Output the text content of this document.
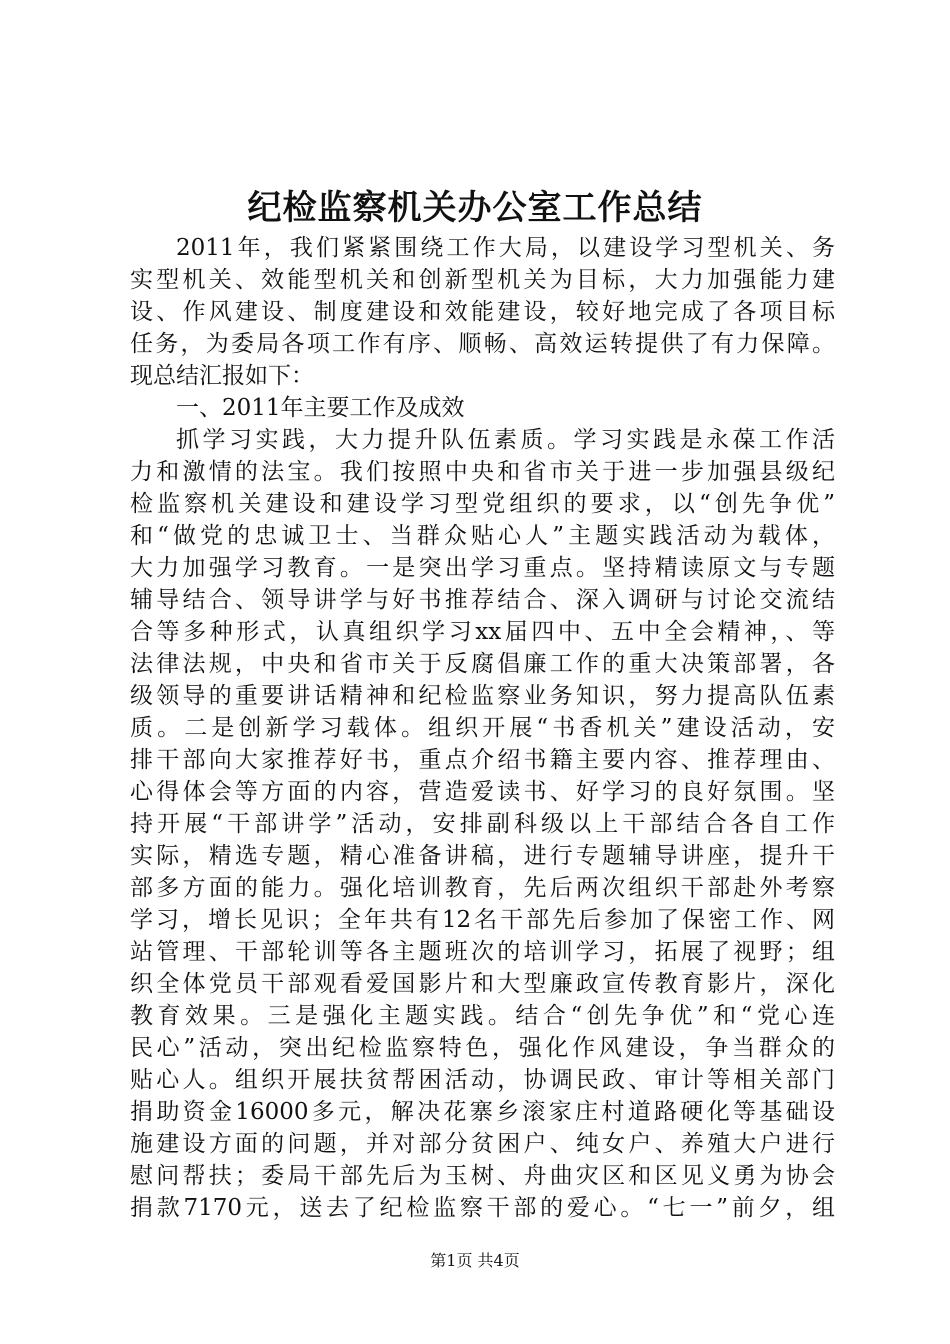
纪检监察机关办公室工作总结
2011年，我们紧紧围绕工作大局，以建设学习型机关、务
实型机关、效能型机关和创新型机关为目标，大力加强能力建
设、作风建设、制度建设和效能建设，较好地完成了各项目标
任务，为委局各项工作有序、顺畅、高效运转提供了有力保障。
现总结汇报如下：
一、2011年主要工作及成效
抓学习实践，大力提升队伍素质。学习实践是永葆工作活
力和激情的法宝。我们按照中央和省市关于进一步加强县级纪
检监察机关建设和建设学习型党组织的要求，以“创先争优”
和“做党的忠诚卫士、当群众贴心人”主题实践活动为载体，
大力加强学习教育。一是突出学习重点。坚持精读原文与专题
辅导结合、领导讲学与好书推荐结合、深入调研与讨论交流结
合等多种形式，认真组织学习xx届四中、五中全会精神，、等
法律法规，中央和省市关于反腐倡廉工作的重大决策部署，各
级领导的重要讲话精神和纪检监察业务知识，努力提高队伍素
质。二是创新学习载体。组织开展“书香机关”建设活动，安
排干部向大家推荐好书，重点介绍书籍主要内容、推荐理由、
心得体会等方面的内容，营造爱读书、好学习的良好氛围。坚
持开展“干部讲学”活动，安排副科级以上干部结合各自工作
实际，精选专题，精心准备讲稿，进行专题辅导讲座，提升干
部多方面的能力。强化培训教育，先后两次组织干部赴外考察
学习，增长见识；全年共有12名干部先后参加了保密工作、网
站管理、干部轮训等各主题班次的培训学习，拓展了视野；组
织全体党员干部观看爱国影片和大型廉政宣传教育影片，深化
教育效果。三是强化主题实践。结合“创先争优”和“党心连
民心”活动，突出纪检监察特色，强化作风建设，争当群众的
贴心人。组织开展扶贫帮困活动，协调民政、审计等相关部门
捐助资金16000多元，解决花寨乡滚家庄村道路硬化等基础设
施建设方面的问题，并对部分贫困户、纯女户、养殖大户进行
慰问帮扶；委局干部先后为玉树、舟曲灾区和区见义勇为协会
捐款7170元，送去了纪检监察干部的爱心。“七一”前夕，组
第1页 共4页
